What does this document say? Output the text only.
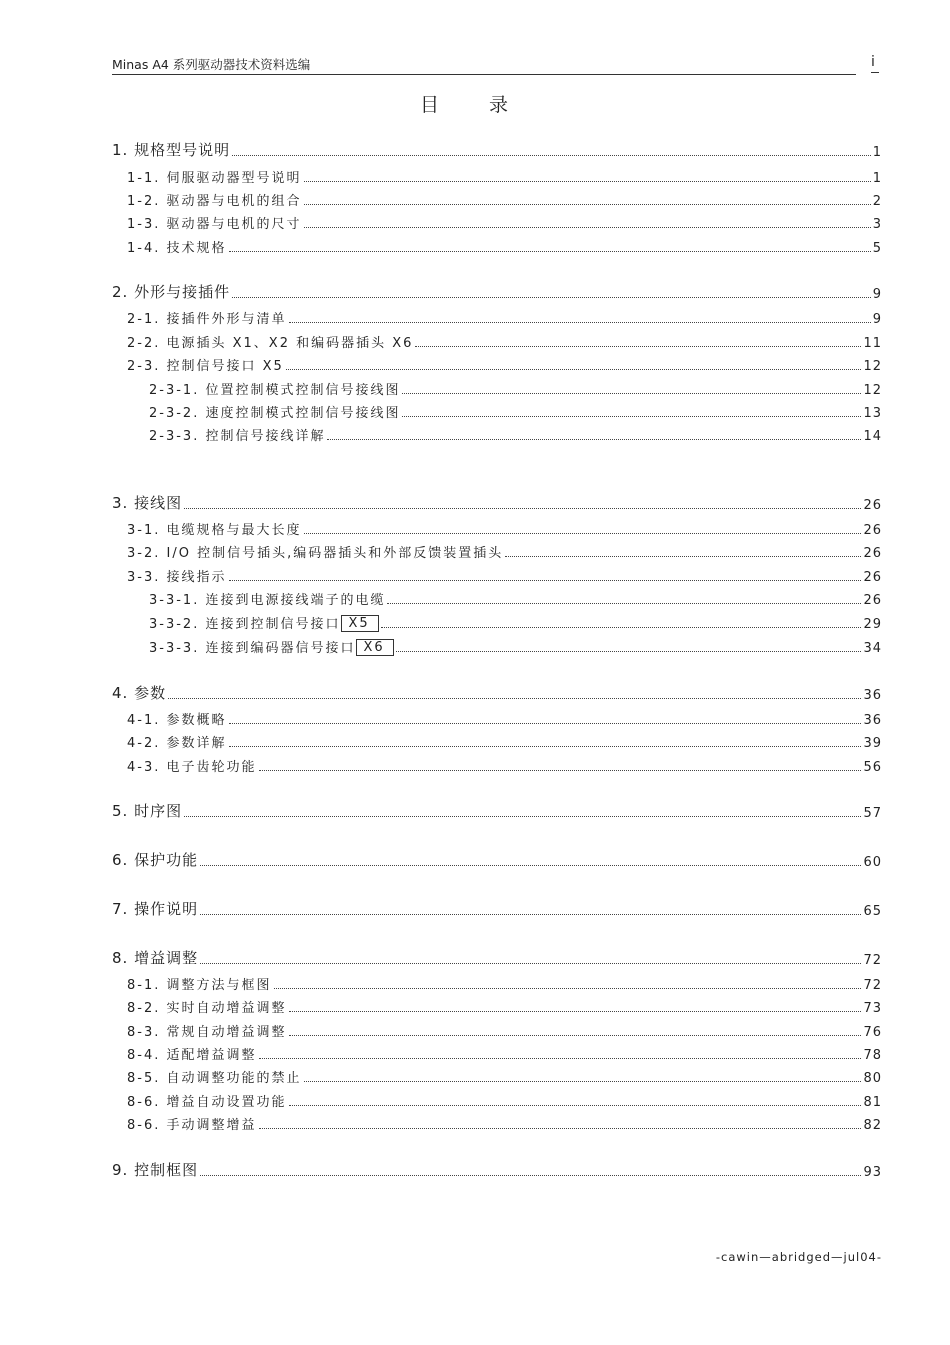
Minas A4 系列驱动器技术资料选编	i
目 录
1. 规格型号说明	1
1-1. 伺服驱动器型号说明	1
1-2. 驱动器与电机的组合	2
1-3. 驱动器与电机的尺寸	3
1-4. 技术规格	5
2. 外形与接插件	9
2-1. 接插件外形与清单	9
2-2. 电源插头 X1、X2 和编码器插头 X6	11
2-3. 控制信号接口 X5	12
2-3-1. 位置控制模式控制信号接线图	12
2-3-2. 速度控制模式控制信号接线图	13
2-3-3. 控制信号接线详解	14
3. 接线图	26
3-1. 电缆规格与最大长度	26
3-2. I/O 控制信号插头,编码器插头和外部反馈装置插头	26
3-3. 接线指示	26
3-3-1. 连接到电源接线端子的电缆	26
3-3-2. 连接到控制信号接口 X5	29
3-3-3. 连接到编码器信号接口 X6	34
4. 参数	36
4-1. 参数概略	36
4-2. 参数详解	39
4-3. 电子齿轮功能	56
5. 时序图	57
6. 保护功能	60
7. 操作说明	65
8. 增益调整	72
8-1. 调整方法与框图	72
8-2. 实时自动增益调整	73
8-3. 常规自动增益调整	76
8-4. 适配增益调整	78
8-5. 自动调整功能的禁止	80
8-6. 增益自动设置功能	81
8-6. 手动调整增益	82
9. 控制框图	93
-cawin—abridged—jul04-
